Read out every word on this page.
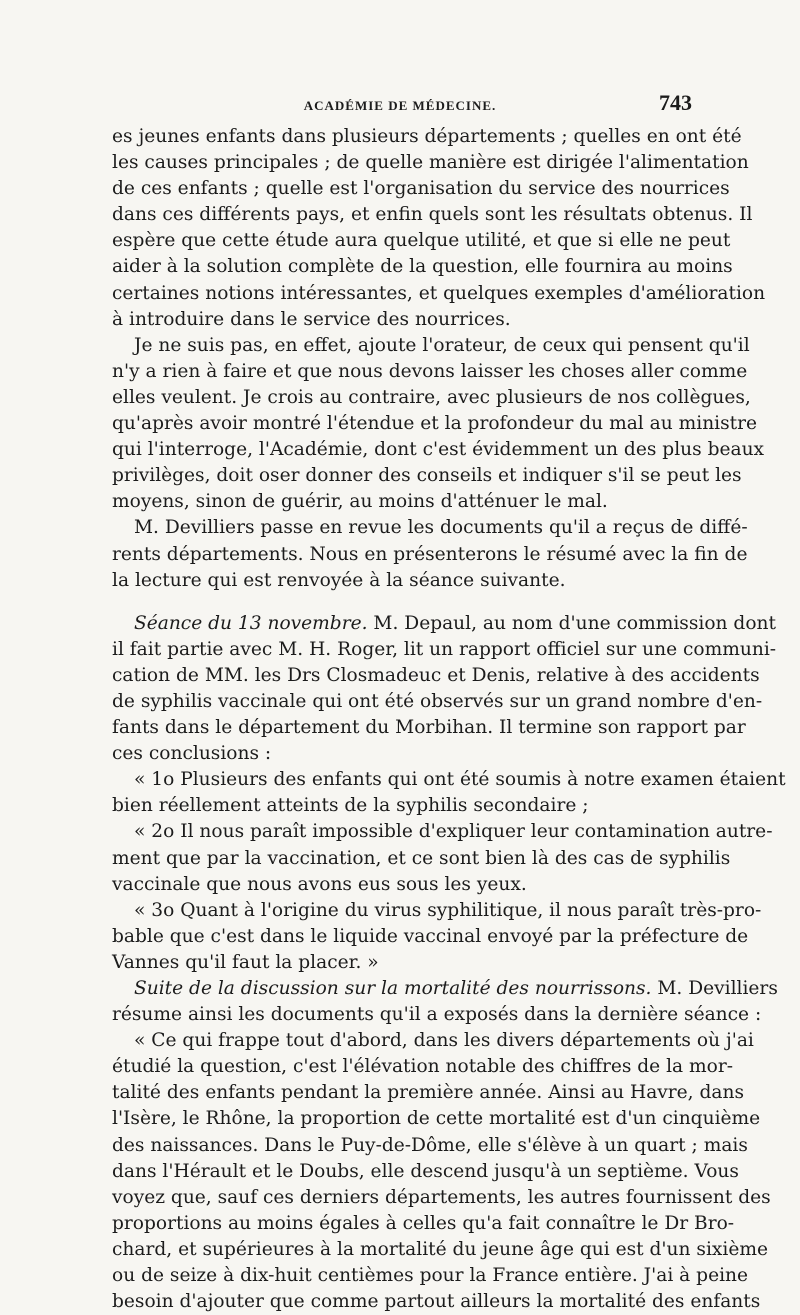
ACADÉMIE DE MÉDECINE.	743
es jeunes enfants dans plusieurs départements ; quelles en ont été
les causes principales ; de quelle manière est dirigée l'alimentation
de ces enfants ; quelle est l'organisation du service des nourrices
dans ces différents pays, et enfin quels sont les résultats obtenus. Il
espère que cette étude aura quelque utilité, et que si elle ne peut
aider à la solution complète de la question, elle fournira au moins
certaines notions intéressantes, et quelques exemples d'amélioration
à introduire dans le service des nourrices.
Je ne suis pas, en effet, ajoute l'orateur, de ceux qui pensent qu'il
n'y a rien à faire et que nous devons laisser les choses aller comme
elles veulent. Je crois au contraire, avec plusieurs de nos collègues,
qu'après avoir montré l'étendue et la profondeur du mal au ministre
qui l'interroge, l'Académie, dont c'est évidemment un des plus beaux
privilèges, doit oser donner des conseils et indiquer s'il se peut les
moyens, sinon de guérir, au moins d'atténuer le mal.
M. Devilliers passe en revue les documents qu'il a reçus de diffé-
rents départements. Nous en présenterons le résumé avec la fin de
la lecture qui est renvoyée à la séance suivante.
Séance du 13 novembre. M. Depaul, au nom d'une commission dont
il fait partie avec M. H. Roger, lit un rapport officiel sur une communi-
cation de MM. les Drs Closmadeuc et Denis, relative à des accidents
de syphilis vaccinale qui ont été observés sur un grand nombre d'en-
fants dans le département du Morbihan. Il termine son rapport par
ces conclusions :
« 1o Plusieurs des enfants qui ont été soumis à notre examen étaient
bien réellement atteints de la syphilis secondaire ;
« 2o Il nous paraît impossible d'expliquer leur contamination autre-
ment que par la vaccination, et ce sont bien là des cas de syphilis
vaccinale que nous avons eus sous les yeux.
« 3o Quant à l'origine du virus syphilitique, il nous paraît très-pro-
bable que c'est dans le liquide vaccinal envoyé par la préfecture de
Vannes qu'il faut la placer. »
Suite de la discussion sur la mortalité des nourrissons. M. Devilliers
résume ainsi les documents qu'il a exposés dans la dernière séance :
« Ce qui frappe tout d'abord, dans les divers départements où j'ai
étudié la question, c'est l'élévation notable des chiffres de la mor-
talité des enfants pendant la première année. Ainsi au Havre, dans
l'Isère, le Rhône, la proportion de cette mortalité est d'un cinquième
des naissances. Dans le Puy-de-Dôme, elle s'élève à un quart ; mais
dans l'Hérault et le Doubs, elle descend jusqu'à un septième. Vous
voyez que, sauf ces derniers départements, les autres fournissent des
proportions au moins égales à celles qu'a fait connaître le Dr Bro-
chard, et supérieures à la mortalité du jeune âge qui est d'un sixième
ou de seize à dix-huit centièmes pour la France entière. J'ai à peine
besoin d'ajouter que comme partout ailleurs la mortalité des enfants
